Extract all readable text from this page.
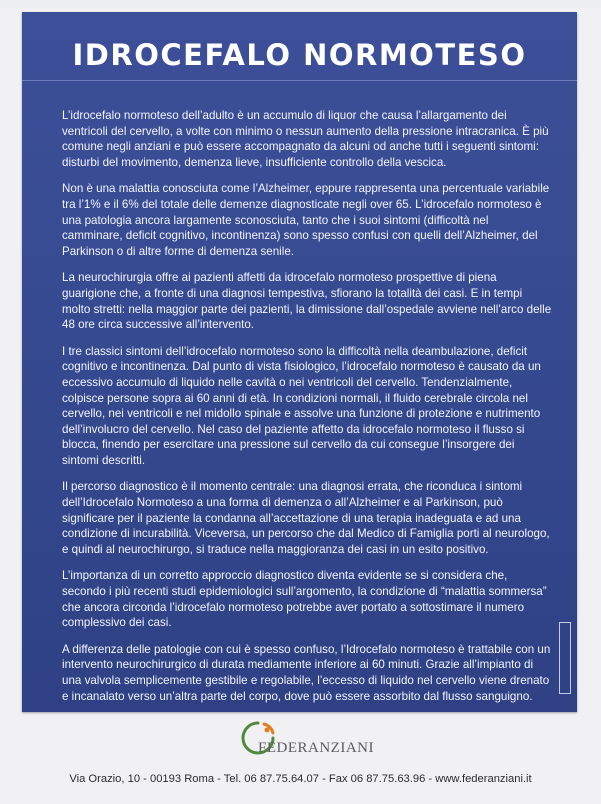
IDROCEFALO NORMOTESO

L’idrocefalo normoteso dell’adulto è un accumulo di liquor che causa l’allargamento dei ventricoli del cervello, a volte con minimo o nessun aumento della pressione intracranica. È più comune negli anziani e può essere accompagnato da alcuni od anche tutti i seguenti sintomi: disturbi del movimento, demenza lieve, insufficiente controllo della vescica.

Non è una malattia conosciuta come l’Alzheimer, eppure rappresenta una percentuale variabile tra l’1% e il 6% del totale delle demenze diagnosticate negli over 65. L’idrocefalo normoteso è una patologia ancora largamente sconosciuta, tanto che i suoi sintomi (difficoltà nel camminare, deficit cognitivo, incontinenza) sono spesso confusi con quelli dell’Alzheimer, del Parkinson o di altre forme di demenza senile.

La neurochirurgia offre ai pazienti affetti da idrocefalo normoteso prospettive di piena guarigione che, a fronte di una diagnosi tempestiva, sfiorano la totalità dei casi. E in tempi molto stretti: nella maggior parte dei pazienti, la dimissione dall’ospedale avviene nell’arco delle 48 ore circa successive all’intervento.

I tre classici sintomi dell’idrocefalo normoteso sono la difficoltà nella deambulazione, deficit cognitivo e incontinenza. Dal punto di vista fisiologico, l’idrocefalo normoteso è causato da un eccessivo accumulo di liquido nelle cavità o nei ventricoli del cervello. Tendenzialmente, colpisce persone sopra ai 60 anni di età. In condizioni normali, il fluido cerebrale circola nel cervello, nei ventricoli e nel midollo spinale e assolve una funzione di protezione e nutrimento dell’involucro del cervello. Nel caso del paziente affetto da idrocefalo normoteso il flusso si blocca, finendo per esercitare una pressione sul cervello da cui consegue l’insorgere dei sintomi descritti.

Il percorso diagnostico è il momento centrale: una diagnosi errata, che riconduca i sintomi dell’Idrocefalo Normoteso a una forma di demenza o all’Alzheimer e al Parkinson, può significare per il paziente la condanna all’accettazione di una terapia inadeguata e ad una condizione di incurabilità. Viceversa, un percorso che dal Medico di Famiglia porti al neurologo, e quindi al neurochirurgo, si traduce nella maggioranza dei casi in un esito positivo.

L’importanza di un corretto approccio diagnostico diventa evidente se si considera che, secondo i più recenti studi epidemiologici sull’argomento, la condizione di “malattia sommersa” che ancora circonda l’idrocefalo normoteso potrebbe aver portato a sottostimare il numero complessivo dei casi.

A differenza delle patologie con cui è spesso confuso, l’Idrocefalo normoteso è trattabile con un intervento neurochirurgico di durata mediamente inferiore ai 60 minuti. Grazie all’impianto di una valvola semplicemente gestibile e regolabile, l’eccesso di liquido nel cervello viene drenato e incanalato verso un’altra parte del corpo, dove può essere assorbito dal flusso sanguigno.

FEDERANZIANI
Via Orazio, 10 - 00193 Roma - Tel. 06 87.75.64.07 - Fax 06 87.75.63.96 - www.federanziani.it
